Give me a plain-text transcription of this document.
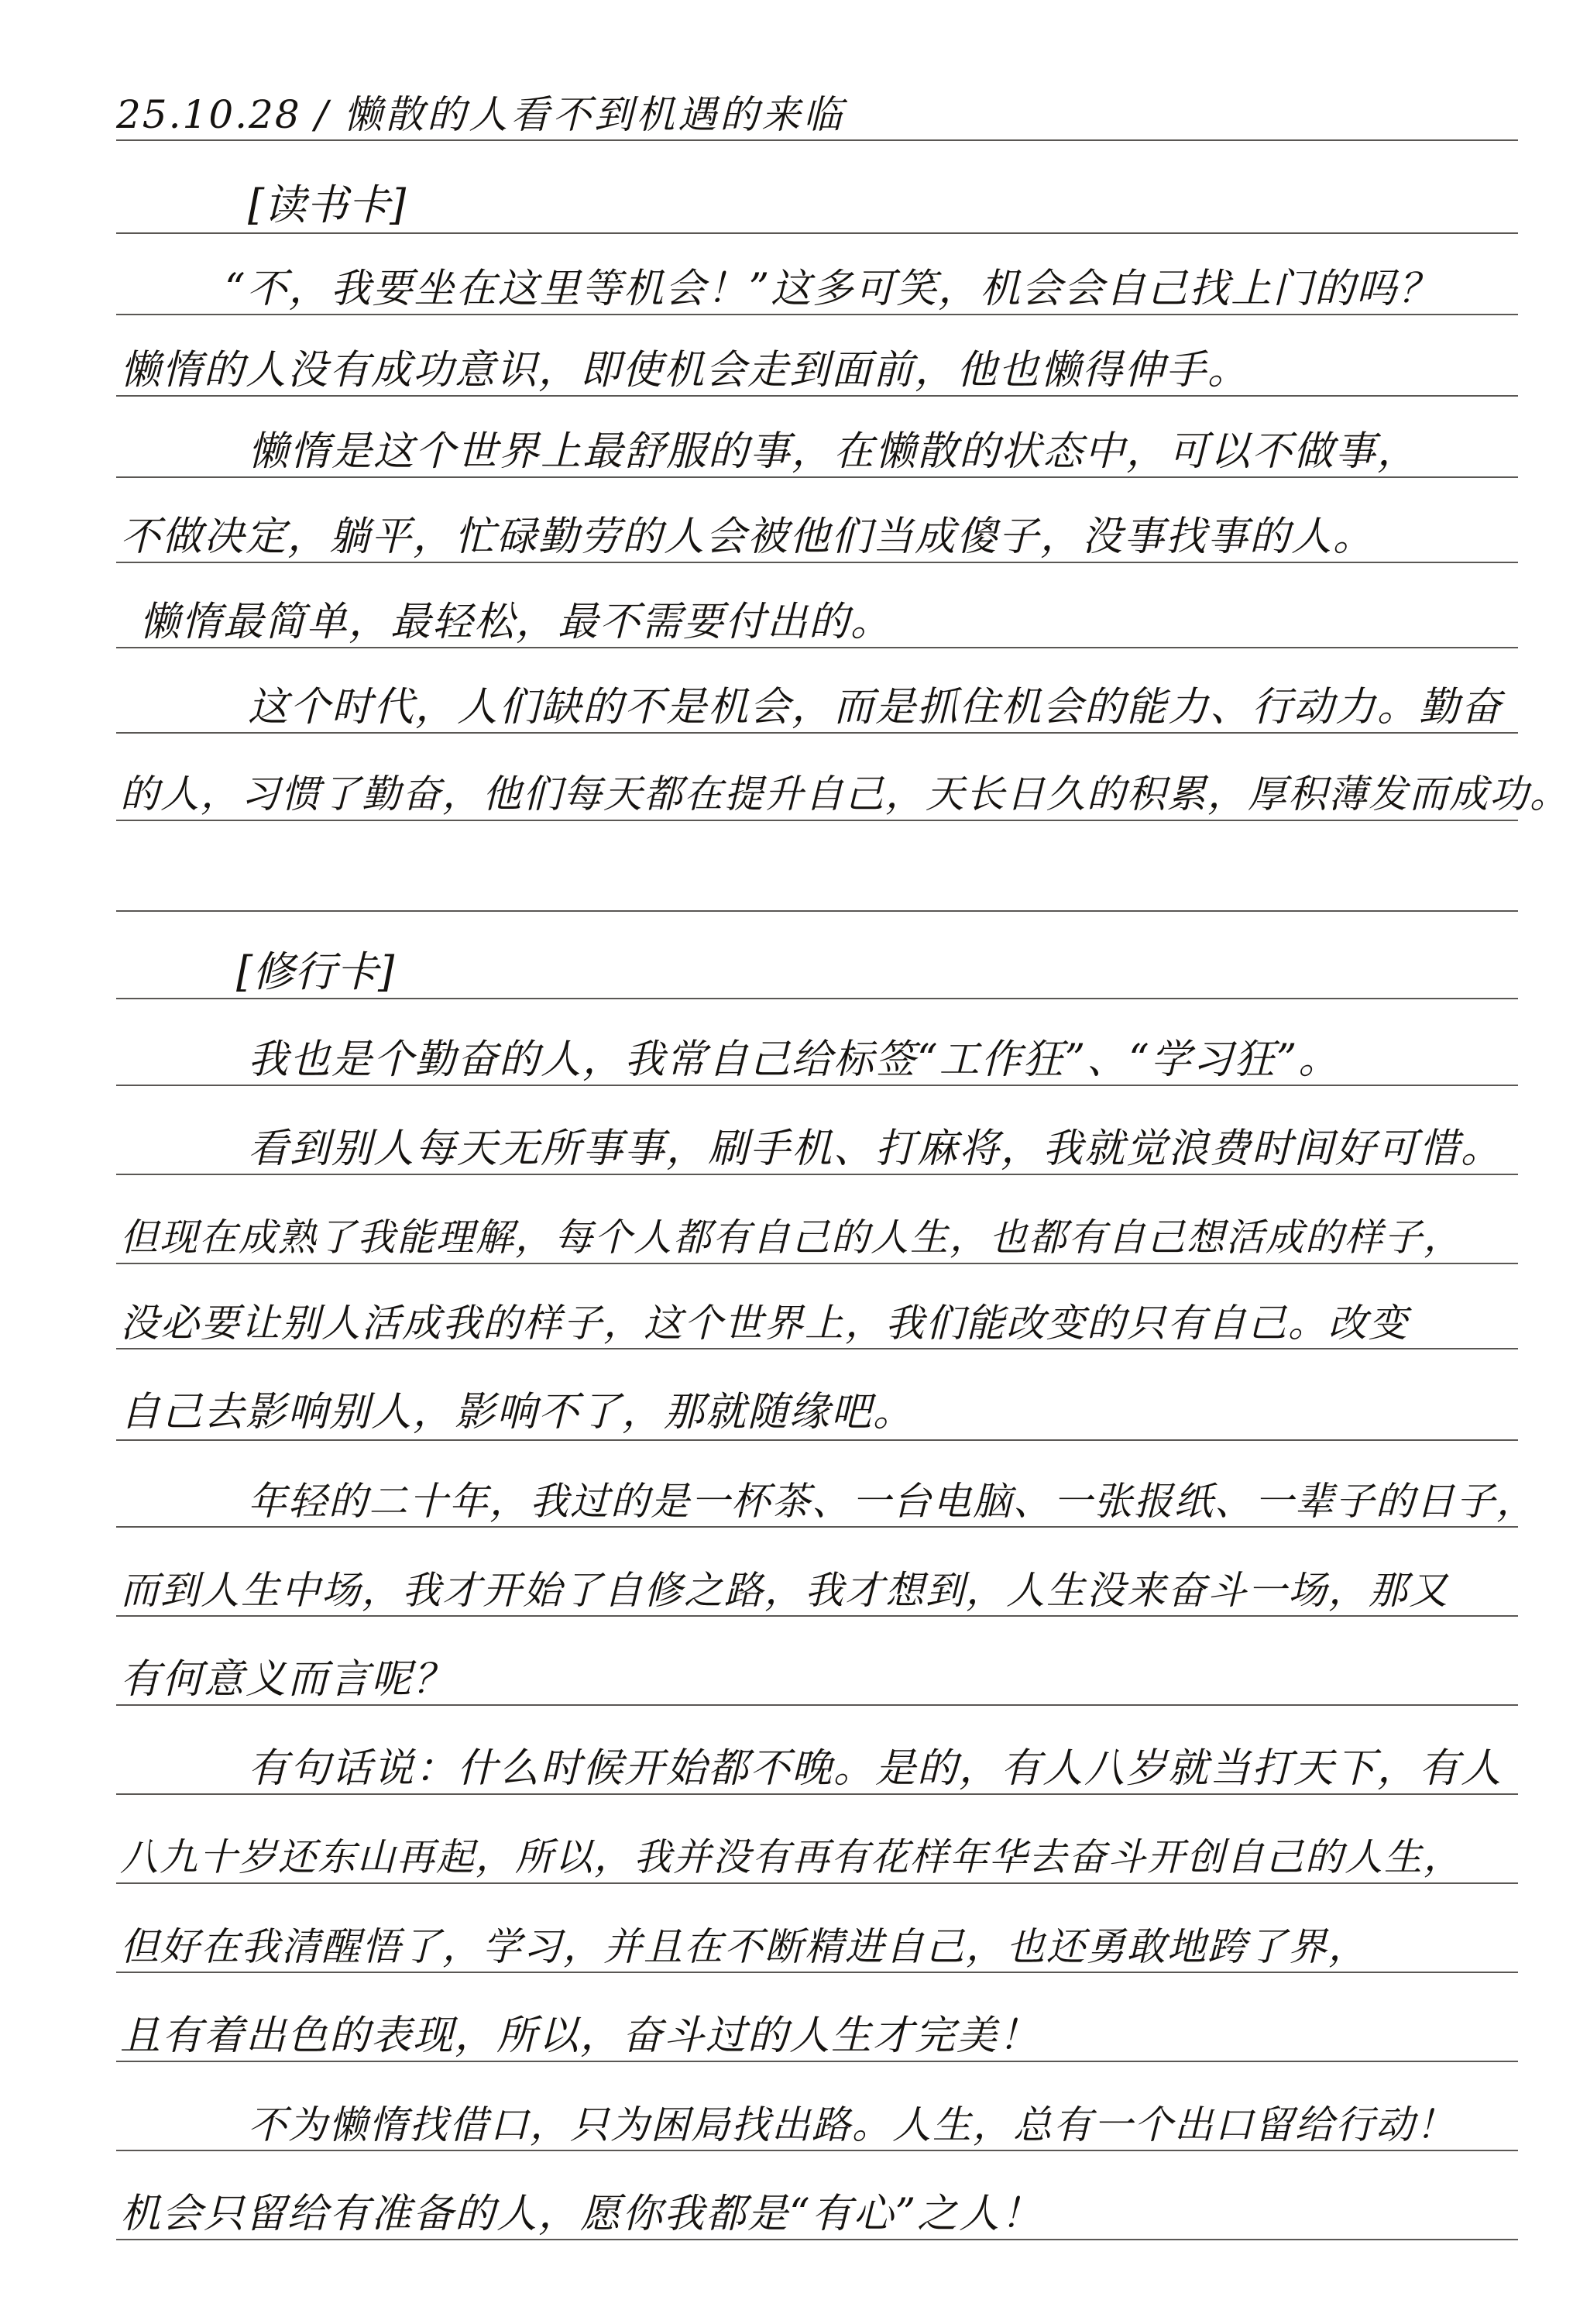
25.10.28 / 懒散的人看不到机遇的来临
[读书卡]
“不，我要坐在这里等机会！”这多可笑，机会会自己找上门的吗？
懒惰的人没有成功意识，即使机会走到面前，他也懒得伸手。
懒惰是这个世界上最舒服的事，在懒散的状态中，可以不做事，
不做决定，躺平，忙碌勤劳的人会被他们当成傻子，没事找事的人。
懒惰最简单，最轻松，最不需要付出的。
这个时代，人们缺的不是机会，而是抓住机会的能力、行动力。勤奋
的人，习惯了勤奋，他们每天都在提升自己，天长日久的积累，厚积薄发而成功。
[修行卡]
我也是个勤奋的人，我常自己给标签“工作狂”、“学习狂”。
看到别人每天无所事事，刷手机、打麻将，我就觉浪费时间好可惜。
但现在成熟了我能理解，每个人都有自己的人生，也都有自己想活成的样子，
没必要让别人活成我的样子，这个世界上，我们能改变的只有自己。改变
自己去影响别人，影响不了，那就随缘吧。
年轻的二十年，我过的是一杯茶、一台电脑、一张报纸、一辈子的日子，
而到人生中场，我才开始了自修之路，我才想到，人生没来奋斗一场，那又
有何意义而言呢？
有句话说：什么时候开始都不晚。是的，有人八岁就当打天下，有人
八九十岁还东山再起，所以，我并没有再有花样年华去奋斗开创自己的人生，
但好在我清醒悟了，学习，并且在不断精进自己，也还勇敢地跨了界，
且有着出色的表现，所以，奋斗过的人生才完美！
不为懒惰找借口，只为困局找出路。人生，总有一个出口留给行动！
机会只留给有准备的人，愿你我都是“有心”之人！
